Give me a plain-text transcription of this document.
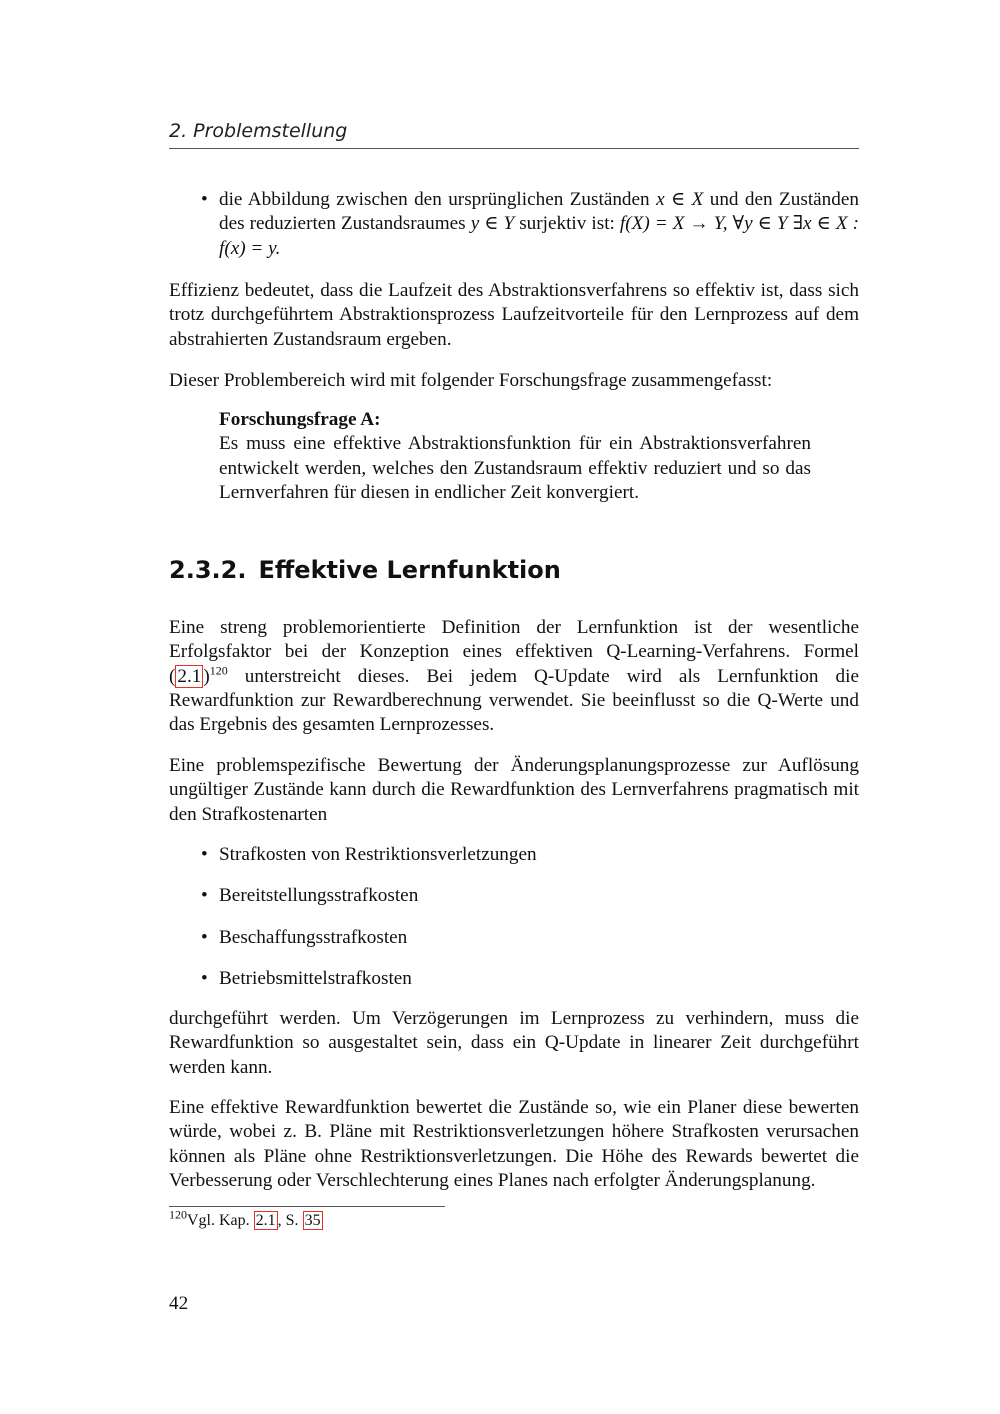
2. Problemstellung
• die Abbildung zwischen den ursprünglichen Zuständen x ∈ X und den Zuständen des reduzierten Zustandsraumes y ∈ Y surjektiv ist: f(X) = X → Y, ∀y ∈ Y ∃x ∈ X : f(x) = y.

Effizienz bedeutet, dass die Laufzeit des Abstraktionsverfahrens so effektiv ist, dass sich trotz durchgeführtem Abstraktionsprozess Laufzeitvorteile für den Lernprozess auf dem abstrahierten Zustandsraum ergeben.

Dieser Problembereich wird mit folgender Forschungsfrage zusammengefasst:

Forschungsfrage A:
Es muss eine effektive Abstraktionsfunktion für ein Abstraktionsverfahren entwickelt werden, welches den Zustandsraum effektiv reduziert und so das Lernverfahren für diesen in endlicher Zeit konvergiert.
2.3.2. Effektive Lernfunktion

Eine streng problemorientierte Definition der Lernfunktion ist der wesentliche Erfolgsfaktor bei der Konzeption eines effektiven Q-Learning-Verfahrens. Formel ( 2.1 )$^{120}$ unterstreicht dieses. Bei jedem Q-Update wird als Lernfunktion die Rewardfunktion zur Rewardberechnung verwendet. Sie beeinflusst so die Q-Werte und das Ergebnis des gesamten Lernprozesses.

Eine problemspezifische Bewertung der Änderungsplanungsprozesse zur Auflösung ungültiger Zustände kann durch die Rewardfunktion des Lernverfahrens pragmatisch mit den Strafkostenarten

• Strafkosten von Restriktionsverletzungen
• Bereitstellungsstrafkosten
• Beschaffungsstrafkosten
• Betriebsmittelstrafkosten

durchgeführt werden. Um Verzögerungen im Lernprozess zu verhindern, muss die Rewardfunktion so ausgestaltet sein, dass ein Q-Update in linearer Zeit durchgeführt werden kann.

Eine effektive Rewardfunktion bewertet die Zustände so, wie ein Planer diese bewerten würde, wobei z. B. Pläne mit Restriktionsverletzungen höhere Strafkosten verursachen können als Pläne ohne Restriktionsverletzungen. Die Höhe des Rewards bewertet die Verbesserung oder Verschlechterung eines Planes nach erfolgter Änderungsplanung.

$^{120}$Vgl. Kap. 2.1 , S. 35
42
